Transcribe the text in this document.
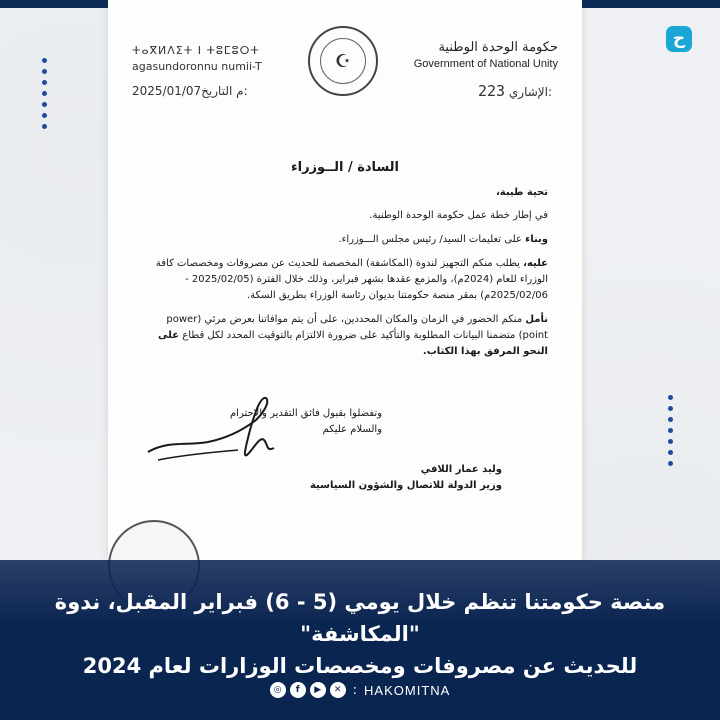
ح
ⵜⴰⴳⵍⴷⵉⵜ ⵏ ⵜⵓⵎⵓⵔⵜ
agasundoronnu numii-T	☪
حكومة الوحدة الوطنية
Government of National Unity
2025/01/07م التاريخ:	223 الإشاري:
السادة / الــوزراء
تحية طيبة،
في إطار خطة عمل حكومة الوحدة الوطنية.
وبناء على تعليمات السيد/ رئيس مجلس الـــوزراء.
عليه، يطلب منكم التجهيز لندوة (المكاشفة) المخصصة للحديث عن مصروفات ومخصصات كافة الوزراء للعام (2024م)، والمزمع عقدها بشهر فبراير، وذلك خلال الفترة (2025/02/05 - 2025/02/06م) بمقر منصة حكومتنا بديوان رئاسة الوزراء بطريق السكة.
نأمل منكم الحضور في الزمان والمكان المحددين، على أن يتم موافاتنا بعرض مرئي (power point) متضمنا البيانات المطلوبة والتأكيد على ضرورة الالتزام بالتوقيت المحدد لكل قطاع على النحو المرفق بهذا الكتاب.
وتفضلوا بقبول فائق التقدير والاحترام
والسلام عليكم
وليد عمار اللافي
وزير الدولة للاتصال والشؤون السياسية
منصة حكومتنا تنظم خلال يومي (5 - 6) فبراير المقبل، ندوة "المكاشفة"
للحديث عن مصروفات ومخصصات الوزارات لعام 2024
◎	f	▶	✕ : HAKOMITNA
